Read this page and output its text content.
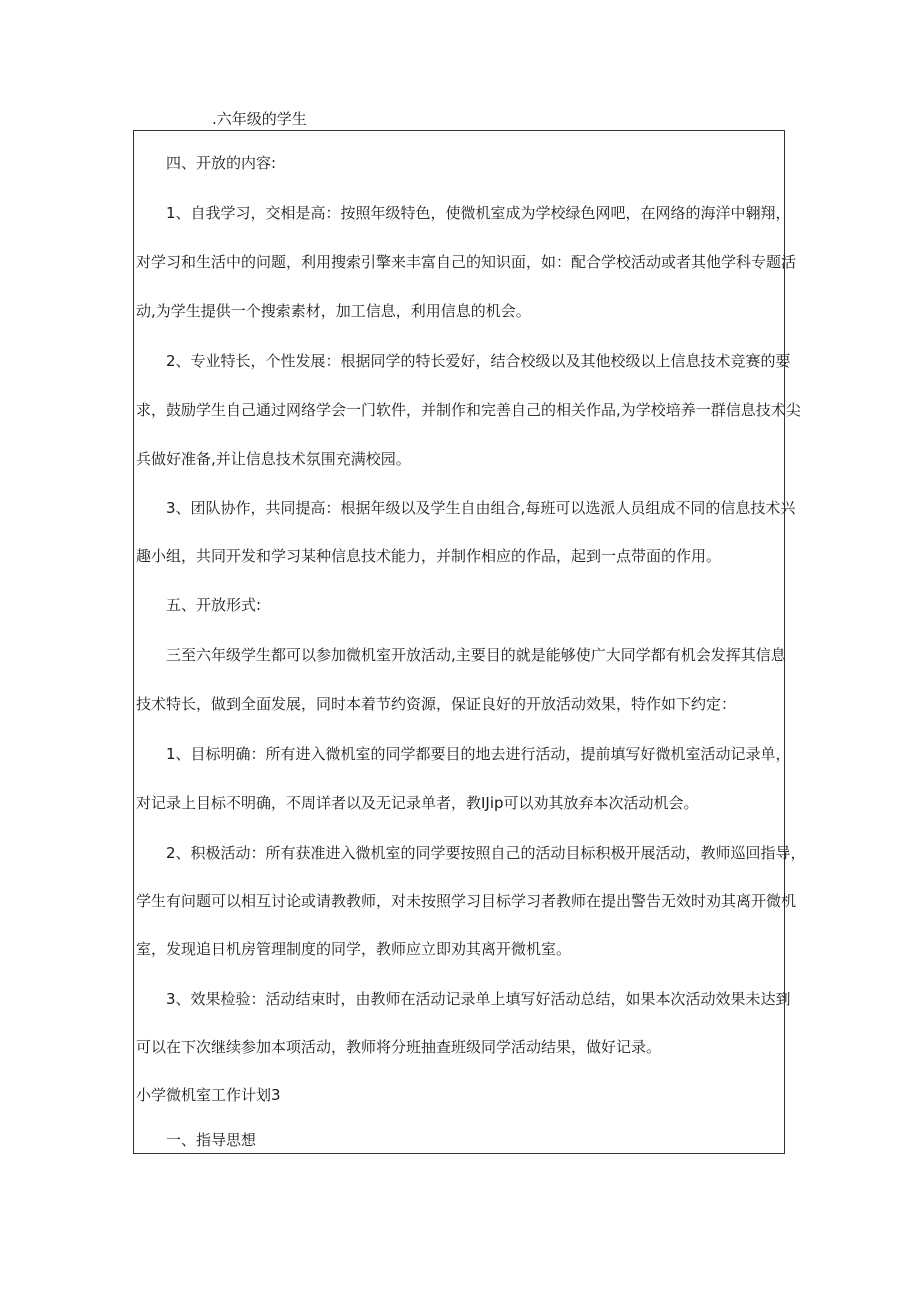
.六年级的学生
四、开放的内容:
1、自我学习，交相是高：按照年级特色，使微机室成为学校绿色网吧，在网络的海洋中翱翔，
对学习和生活中的问题，利用搜索引擎来丰富自己的知识面，如：配合学校活动或者其他学科专题活
动,为学生提供一个搜索素材，加工信息，利用信息的机会。
2、专业特长，个性发展：根据同学的特长爱好，结合校级以及其他校级以上信息技术竞赛的要
求，鼓励学生自己通过网络学会一门软件，并制作和完善自己的相关作品,为学校培养一群信息技术尖
兵做好准备,并让信息技术氛围充满校园。
3、团队协作，共同提高：根据年级以及学生自由组合,每班可以选派人员组成不同的信息技术兴
趣小组，共同开发和学习某种信息技术能力，并制作相应的作品，起到一点带面的作用。
五、开放形式:
三至六年级学生都可以参加微机室开放活动,主要目的就是能够使广大同学都有机会发挥其信息
技术特长，做到全面发展，同时本着节约资源，保证良好的开放活动效果，特作如下约定：
1、目标明确：所有进入微机室的同学都要目的地去进行活动，提前填写好微机室活动记录单，
对记录上目标不明确，不周详者以及无记录单者，教IJip可以劝其放弃本次活动机会。
2、积极活动：所有获准进入微机室的同学要按照自己的活动目标积极开展活动，教师巡回指导，
学生有问题可以相互讨论或请教教师，对未按照学习目标学习者教师在提出警告无效时劝其离开微机
室，发现追日机房管理制度的同学，教师应立即劝其离开微机室。
3、效果检验：活动结束时，由教师在活动记录单上填写好活动总结，如果本次活动效果未达到
可以在下次继续参加本项活动，教师将分班抽查班级同学活动结果，做好记录。
小学微机室工作计划3
一、指导思想
